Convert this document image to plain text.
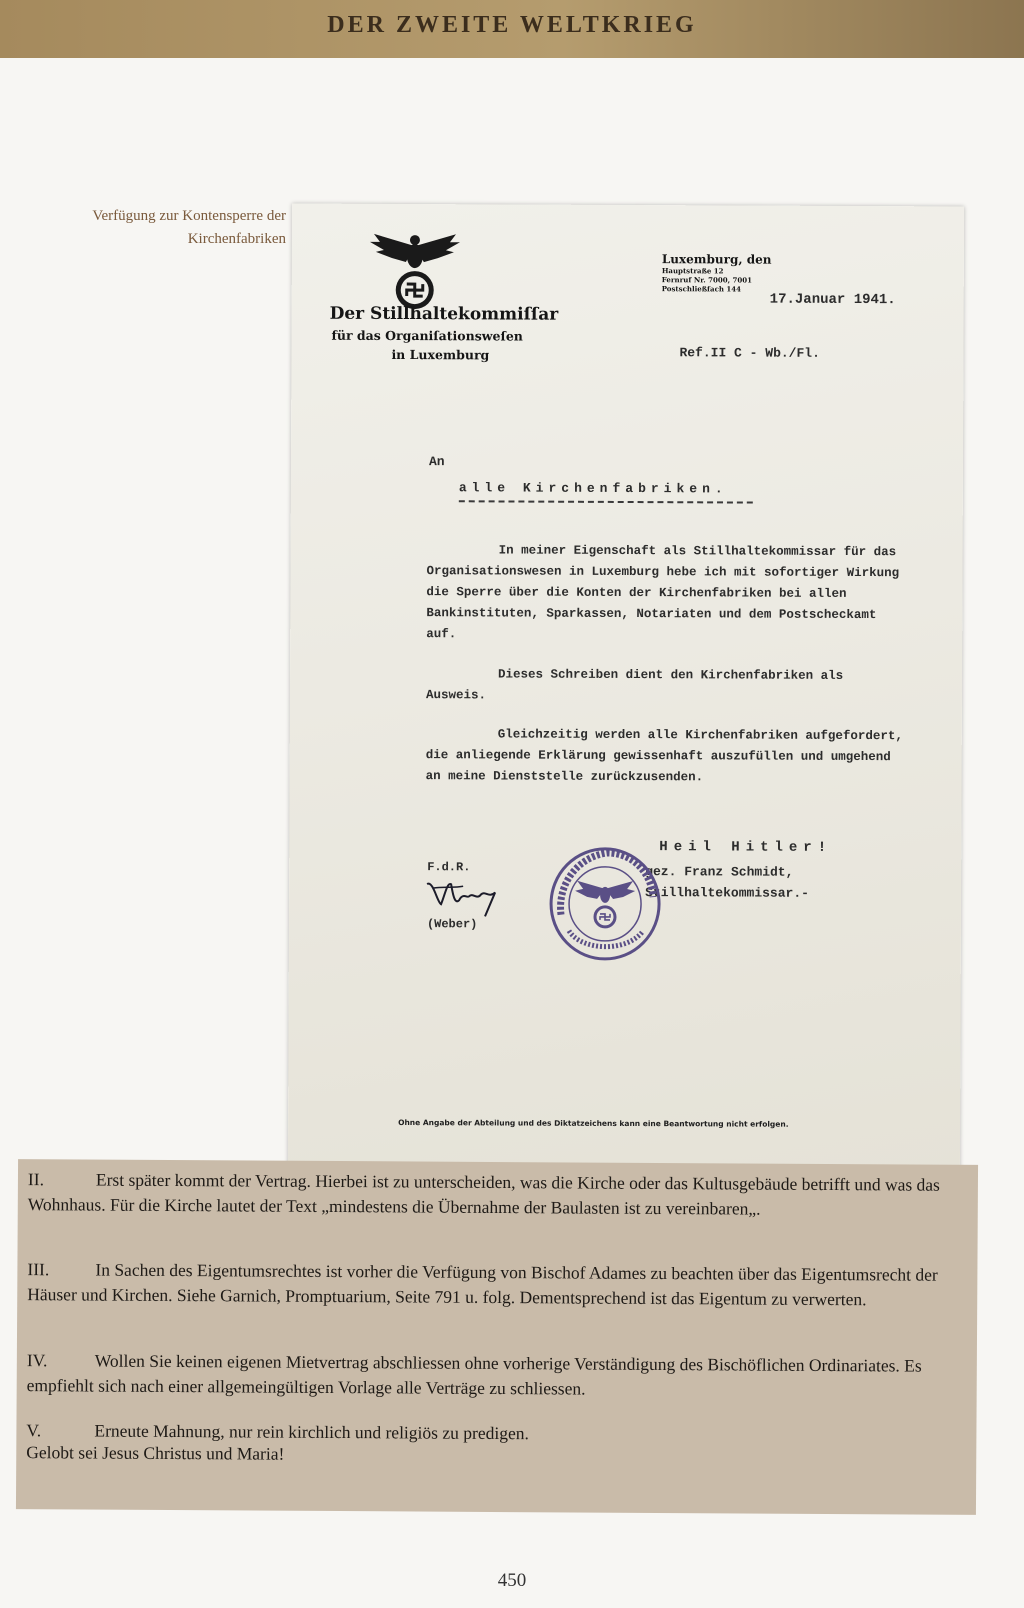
DER ZWEITE WELTKRIEG
Verfügung zur Kontensperre der
Kirchenfabriken
Der Stillhaltekommiſſar
für das Organiſationsweſen
in Luxemburg
Luxemburg, den
Hauptstraße 12
Fernruf Nr. 7000, 7001
Postschließfach 144
17.Januar 1941.
Ref.II C - Wb./Fl.
An
alle Kirchenfabriken.

In meiner Eigenschaft als Stillhaltekommissar für das Organisationswesen in Luxemburg hebe ich mit sofortiger Wirkung die Sperre über die Konten der Kirchenfabriken bei allen Bankinstituten, Sparkassen, Notariaten und dem Postscheckamt auf.

Dieses Schreiben dient den Kirchenfabriken als Ausweis.

Gleichzeitig werden alle Kirchenfabriken aufgefordert, die anliegende Erklärung gewissenhaft auszufüllen und umgehend an meine Dienststelle zurückzusenden.

Heil Hitler!
F.d.R.	gez. Franz Schmidt,
Stillhaltekommissar.-
(Weber)
Ohne Angabe der Abteilung und des Diktatzeichens kann eine Beantwortung nicht erfolgen.

II.	Erst später kommt der Vertrag. Hierbei ist zu unterscheiden, was die Kirche oder das Kultusgebäude betrifft und was das Wohnhaus. Für die Kirche lautet der Text „mindestens die Übernahme der Baulasten ist zu vereinbaren„.

III.	In Sachen des Eigentumsrechtes ist vorher die Verfügung von Bischof Adames zu beachten über das Eigentumsrecht der Häuser und Kirchen. Siehe Garnich, Promptuarium, Seite 791 u. folg. Dementsprechend ist das Eigentum zu verwerten.

IV.	Wollen Sie keinen eigenen Mietvertrag abschliessen ohne vorherige Verständigung des Bischöflichen Ordinariates. Es empfiehlt sich nach einer allgemeingültigen Vorlage alle Verträge zu schliessen.

V.	Erneute Mahnung, nur rein kirchlich und religiös zu predigen.

Gelobt sei Jesus Christus und Maria!

450
